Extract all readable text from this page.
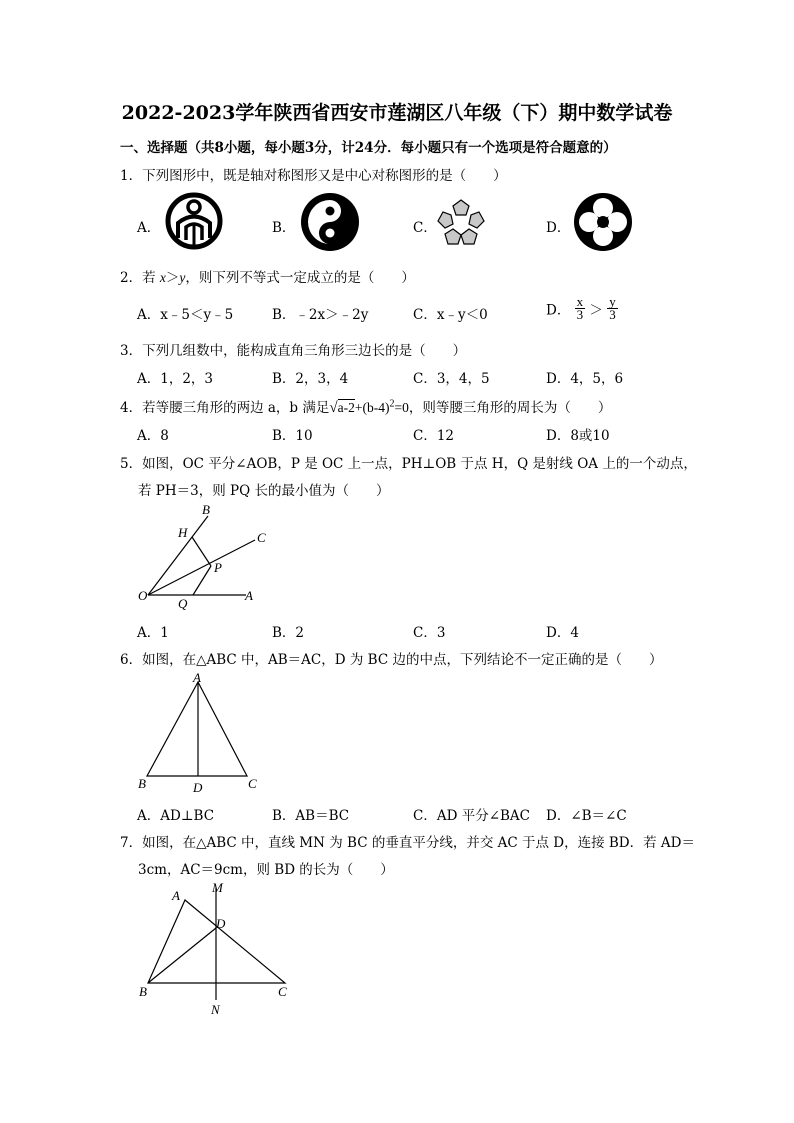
2022-2023学年陕西省西安市莲湖区八年级（下）期中数学试卷
一、选择题（共8小题，每小题3分，计24分．每小题只有一个选项是符合题意的）
1．下列图形中，既是轴对称图形又是中心对称图形的是（　　）
A．	B．	C．	D．
2．若 x＞y，则下列不等式一定成立的是（　　）
A．x﹣5＜y﹣5	B．﹣2x＞﹣2y	C．x﹣y＜0	D． $\frac{x}{3} > \frac{y}{3}$
3．下列几组数中，能构成直角三角形三边长的是（　　）
A．1，2，3	B．2，3，4	C．3，4，5	D．4，5，6
4．若等腰三角形的两边 a，b 满足$√a-2+(b-4)^2=0$，则等腰三角形的周长为（　　）
A．8	B．10	C．12	D．8或10
5．如图，OC 平分∠AOB，P 是 OC 上一点，PH⊥OB 于点 H，Q 是射线 OA 上的一个动点，
若 PH＝3，则 PQ 长的最小值为（　　）
B
H	C
P
O
Q
A
A．1	B．2	C．3	D．4
6．如图，在△ABC 中，AB＝AC，D 为 BC 边的中点，下列结论不一定正确的是（　　）
A
B	D	C
A．AD⊥BC	B．AB＝BC	C．AD 平分∠BAC D．∠B＝∠C
7．如图，在△ABC 中，直线 MN 为 BC 的垂直平分线，并交 AC 于点 D，连接 BD．若 AD＝
3cm，AC＝9cm，则 BD 的长为（　　）
M
A
D
B	C
N
